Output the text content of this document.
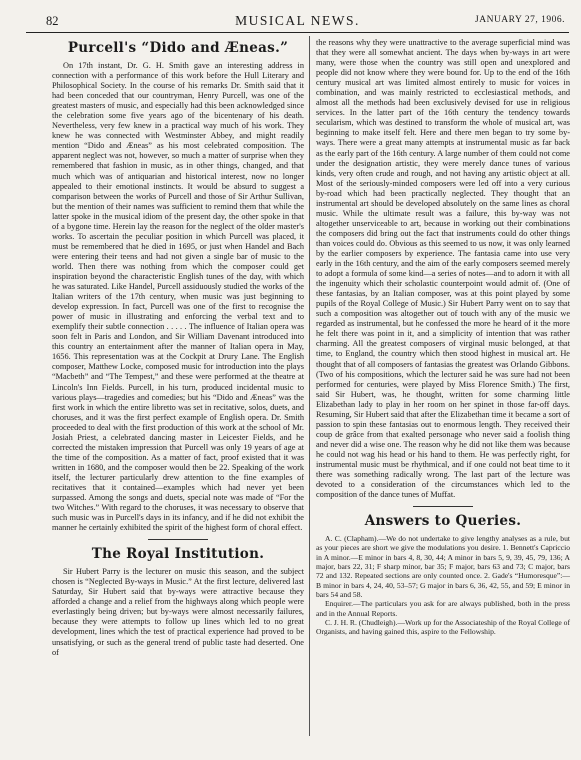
82	MUSICAL NEWS.	JANUARY 27, 1906.
Purcell's “Dido and Æneas.”

On 17th instant, Dr. G. H. Smith gave an interesting address in connection with a performance of this work before the Hull Literary and Philosophical Society. In the course of his remarks Dr. Smith said that it had been conceded that our countryman, Henry Purcell, was one of the greatest masters of music, and especially had this been acknowledged since the celebration some five years ago of the bicentenary of his death. Nevertheless, very few knew in a practical way much of his work. They knew he was connected with Westminster Abbey, and might readily mention “Dido and Æneas” as his most celebrated composition. The apparent neglect was not, however, so much a matter of surprise when they remembered that fashion in music, as in other things, changed, and that much which was of antiquarian and historical interest, now no longer appealed to their emotional instincts. It would be absurd to suggest a comparison between the works of Purcell and those of Sir Arthur Sullivan, but the mention of their names was sufficient to remind them that while the latter spoke in the musical idiom of the present day, the other spoke in that of a bygone time. Herein lay the reason for the neglect of the older master's works. To ascertain the peculiar position in which Purcell was placed, it must be remembered that he died in 1695, or just when Handel and Bach were entering their teens and had not given a single bar of music to the world. Then there was nothing from which the composer could get inspiration beyond the characteristic English tunes of the day, with which he was saturated. Like Handel, Purcell assiduously studied the works of the Italian writers of the 17th century, when music was just beginning to develop expression. In fact, Purcell was one of the first to recognise the power of music in illustrating and enforcing the verbal text and to exemplify their subtle connection . . . . . The influence of Italian opera was soon felt in Paris and London, and Sir William Davenant introduced into this country an entertainment after the manner of Italian opera in May, 1656. This representation was at the Cockpit at Drury Lane. The English composer, Matthew Locke, composed music for introduction into the plays “Macbeth” and “The Tempest,” and these were performed at the theatre at Lincoln's Inn Fields. Purcell, in his turn, produced incidental music to various plays—tragedies and comedies; but his “Dido and Æneas” was the first work in which the entire libretto was set in recitative, solos, duets, and choruses, and it was the first perfect example of English opera. Dr. Smith proceeded to deal with the first production of this work at the school of Mr. Josiah Priest, a celebrated dancing master in Leicester Fields, and he corrected the mistaken impression that Purcell was only 19 years of age at the time of the composition. As a matter of fact, proof existed that it was written in 1680, and the composer would then be 22. Speaking of the work itself, the lecturer particularly drew attention to the fine examples of recitatives that it contained—examples which had never yet been surpassed. Among the songs and duets, special note was made of “For the two Witches.” With regard to the choruses, it was necessary to observe that such music was in Purcell's days in its infancy, and if he did not exhibit the manner he certainly exhibited the spirit of the highest form of choral effect.

The Royal Institution.

Sir Hubert Parry is the lecturer on music this season, and the subject chosen is “Neglected By-ways in Music.” At the first lecture, delivered last Saturday, Sir Hubert said that by-ways were attractive because they afforded a change and a relief from the highways along which people were everlastingly being driven; but by-ways were almost necessarily failures, because they were attempts to follow up lines which led to no great development, lines which the test of practical experience had proved to be unsatisfying, or such as the general trend of public taste had deserted. One of

the reasons why they were unattractive to the average superficial mind was that they were all somewhat ancient. The days when by-ways in art were many, were those when the country was still open and unexplored and people did not know where they were bound for. Up to the end of the 16th century musical art was limited almost entirely to music for voices in combination, and was mainly restricted to ecclesiastical methods, and almost all the methods had been exclusively devised for use in religious services. In the latter part of the 16th century the tendency towards secularism, which was destined to transform the whole of musical art, was beginning to make itself felt. Here and there men began to try some by-ways. There were a great many attempts at instrumental music as far back as the early part of the 16th century. A large number of them could not come under the designation artistic, they were merely dance tunes of various kinds, very often crude and rough, and not having any artistic object at all. Most of the seriously-minded composers were led off into a very curious by-road which had been practically neglected. They thought that an instrumental art should be developed absolutely on the same lines as choral music. While the ultimate result was a failure, this by-way was not altogether unserviceable to art, because in working out their combinations the composers did bring out the fact that instruments could do other things than voices could do. Obvious as this seemed to us now, it was only learned by the earlier composers by experience. The fantasia came into use very early in the 16th century, and the aim of the early composers seemed merely to adopt a formula of some kind—a series of notes—and to adorn it with all the ingenuity which their scholastic counterpoint would admit of. (One of these fantasias, by an Italian composer, was at this point played by some pupils of the Royal College of Music.) Sir Hubert Parry went on to say that such a composition was altogether out of touch with any of the music we regarded as instrumental, but he confessed the more he heard of it the more he felt there was point in it, and a simplicity of intention that was rather charming. All the greatest composers of virginal music belonged, at that time, to England, the country which then stood highest in musical art. He thought that of all composers of fantasias the greatest was Orlando Gibbons. (Two of his compositions, which the lecturer said he was sure had not been performed for centuries, were played by Miss Florence Smith.) The first, said Sir Hubert, was, he thought, written for some charming little Elizabethan lady to play in her room on her spinet in those far-off days. Resuming, Sir Hubert said that after the Elizabethan time it became a sort of passion to spin these fantasias out to enormous length. They received their coup de grâce from that exalted personage who never said a foolish thing and never did a wise one. The reason why he did not like them was because he could not wag his head or his hand to them. He was perfectly right, for instrumental music must be rhythmical, and if one could not beat time to it there was something radically wrong. The last part of the lecture was devoted to a consideration of the circumstances which led to the composition of the dance tunes of Muffat.

Answers to Queries.

A. C. (Clapham).—We do not undertake to give lengthy analyses as a rule, but as your pieces are short we give the modulations you desire. 1. Bennett's Capriccio in A minor.—E minor in bars 4, 8, 30, 44; A minor in bars 5, 9, 39, 45, 79, 136; A major, bars 22, 31; F sharp minor, bar 35; F major, bars 63 and 73; C major, bars 72 and 132. Repeated sections are only counted once. 2. Gade's “Humoresque”:—B minor in bars 4, 24, 40, 53–57; G major in bars 6, 36, 42, 55, and 59; E minor in bars 54 and 58.

Enquirer.—The particulars you ask for are always published, both in the press and in the Annual Reports.

C. J. H. R. (Chudleigh).—Work up for the Associateship of the Royal College of Organists, and having gained this, aspire to the Fellowship.
